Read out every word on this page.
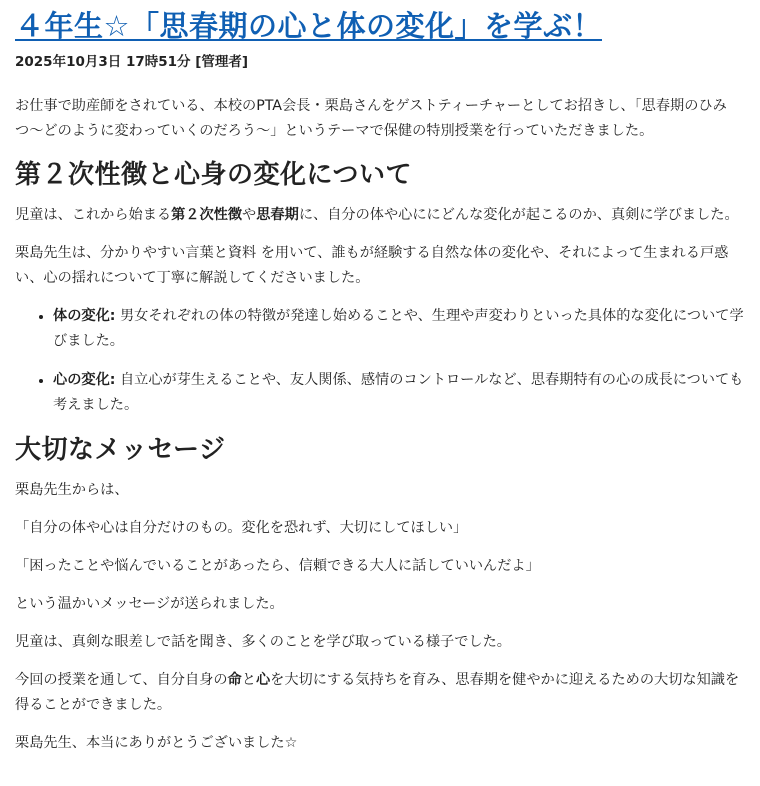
４年生☆「思春期の心と体の変化」を学ぶ！
2025年10月3日 17時51分 [管理者]

お仕事で助産師をされている、本校のPTA会長・栗島さんをゲストティーチャーとしてお招きし、「思春期のひみつ〜どのように変わっていくのだろう〜」というテーマで保健の特別授業を行っていただきました。

第２次性徴と心身の変化について

児童は、これから始まる第２次性徴や思春期に、自分の体や心ににどんな変化が起こるのか、真剣に学びました。

栗島先生は、分かりやすい言葉と資料 を用いて、誰もが経験する自然な体の変化や、それによって生まれる戸惑い、心の揺れについて丁寧に解説してくださいました。

• 体の変化: 男女それぞれの体の特徴が発達し始めることや、生理や声変わりといった具体的な変化について学びました。
• 心の変化: 自立心が芽生えることや、友人関係、感情のコントロールなど、思春期特有の心の成長についても考えました。
大切なメッセージ

栗島先生からは、

「自分の体や心は自分だけのもの。変化を恐れず、大切にしてほしい」

「困ったことや悩んでいることがあったら、信頼できる大人に話していいんだよ」

という温かいメッセージが送られました。

児童は、真剣な眼差しで話を聞き、多くのことを学び取っている様子でした。

今回の授業を通して、自分自身の命と心を大切にする気持ちを育み、思春期を健やかに迎えるための大切な知識を得ることができました。

栗島先生、本当にありがとうございました☆
